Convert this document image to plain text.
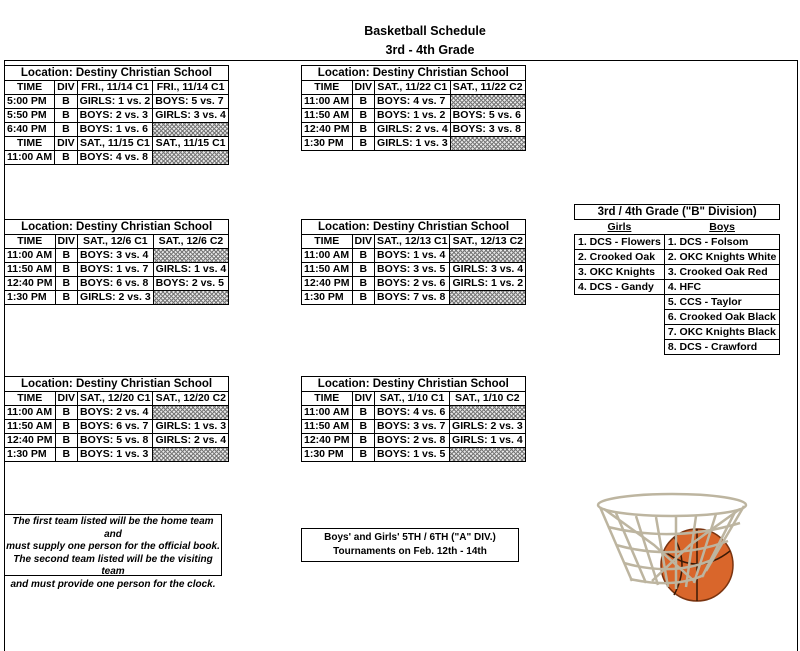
Basketball Schedule
3rd - 4th Grade
Location: Destiny Christian School			
TIME	DIV	FRI., 11/14 C1	FRI., 11/14 C1
5:00 PM	B	GIRLS: 1 vs. 2	BOYS: 5 vs. 7
5:50 PM	B	BOYS: 2 vs. 3	GIRLS: 3 vs. 4
6:40 PM	B	BOYS: 1 vs. 6	
TIME	DIV	SAT., 11/15 C1	SAT., 11/15 C1
11:00 AM	B	BOYS: 4 vs. 8	
Location: Destiny Christian School			
TIME	DIV	SAT., 11/22 C1	SAT., 11/22 C2
11:00 AM	B	BOYS: 4 vs. 7	
11:50 AM	B	BOYS: 1 vs. 2	BOYS: 5 vs. 6
12:40 PM	B	GIRLS: 2 vs. 4	BOYS: 3 vs. 8
1:30 PM	B	GIRLS: 1 vs. 3	
Location: Destiny Christian School			
TIME	DIV	SAT., 12/6 C1	SAT., 12/6 C2
11:00 AM	B	BOYS: 3 vs. 4	
11:50 AM	B	BOYS: 1 vs. 7	GIRLS: 1 vs. 4
12:40 PM	B	BOYS: 6 vs. 8	BOYS: 2 vs. 5
1:30 PM	B	GIRLS: 2 vs. 3	
Location: Destiny Christian School			
TIME	DIV	SAT., 12/13 C1	SAT., 12/13 C2
11:00 AM	B	BOYS: 1 vs. 4	
11:50 AM	B	BOYS: 3 vs. 5	GIRLS: 3 vs. 4
12:40 PM	B	BOYS: 2 vs. 6	GIRLS: 1 vs. 2
1:30 PM	B	BOYS: 7 vs. 8	
Location: Destiny Christian School			
TIME	DIV	SAT., 12/20 C1	SAT., 12/20 C2
11:00 AM	B	BOYS: 2 vs. 4	
11:50 AM	B	BOYS: 6 vs. 7	GIRLS: 1 vs. 3
12:40 PM	B	BOYS: 5 vs. 8	GIRLS: 2 vs. 4
1:30 PM	B	BOYS: 1 vs. 3	
Location: Destiny Christian School			
TIME	DIV	SAT., 1/10 C1	SAT., 1/10 C2
11:00 AM	B	BOYS: 4 vs. 6	
11:50 AM	B	BOYS: 3 vs. 7	GIRLS: 2 vs. 3
12:40 PM	B	BOYS: 2 vs. 8	GIRLS: 1 vs. 4
1:30 PM	B	BOYS: 1 vs. 5	
3rd / 4th Grade ("B" Division)	
Girls	Boys
1. DCS - Flowers	1. DCS - Folsom
2. Crooked Oak	2. OKC Knights White
3. OKC Knights	3. Crooked Oak Red
4. DCS - Gandy	4. HFC
	5. CCS - Taylor
	6. Crooked Oak Black
	7. OKC Knights Black
	8. DCS - Crawford
The first team listed will be the home team and
must supply one person for the official book.
The second team listed will be the visiting team
and must provide one person for the clock.
Boys' and Girls' 5TH / 6TH ("A" DIV.)
Tournaments on Feb. 12th - 14th
